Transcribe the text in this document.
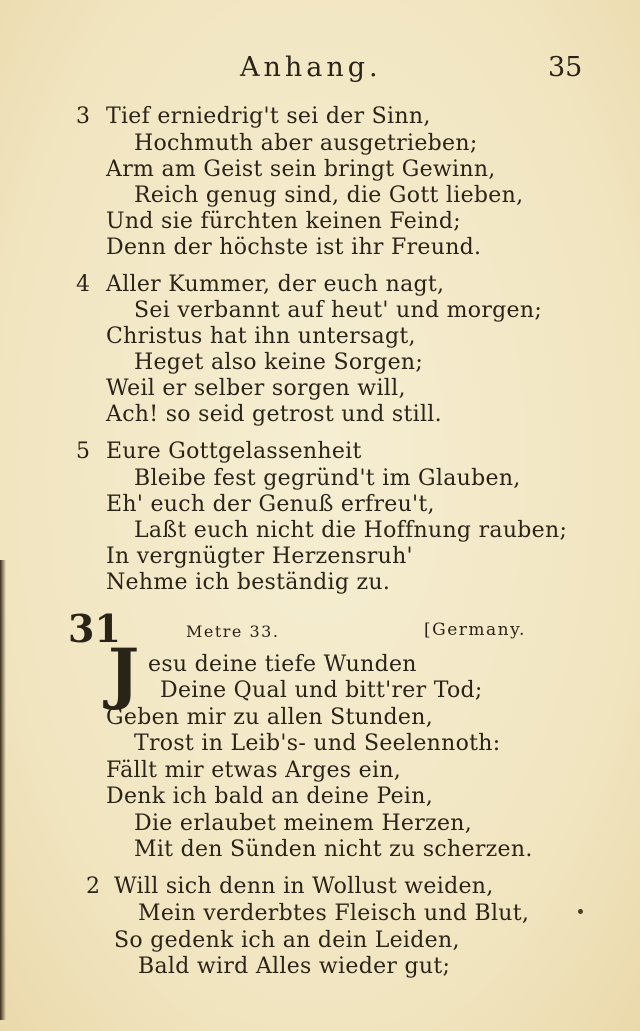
Anhang.	35
3 Tief erniedrig't sei der Sinn,
Hochmuth aber ausgetrieben;
Arm am Geist sein bringt Gewinn,
Reich genug sind, die Gott lieben,
Und sie fürchten keinen Feind;
Denn der höchste ist ihr Freund.
4 Aller Kummer, der euch nagt,
Sei verbannt auf heut' und morgen;
Christus hat ihn untersagt,
Heget also keine Sorgen;
Weil er selber sorgen will,
Ach! so seid getrost und still.
5 Eure Gottgelassenheit
Bleibe fest gegründ't im Glauben,
Eh' euch der Genuß erfreu't,
Laßt euch nicht die Hoffnung rauben;
In vergnügter Herzensruh'
Nehme ich beständig zu.
31	Metre 33.	[Germany.
J esu deine tiefe Wunden
Deine Qual und bitt'rer Tod;
Geben mir zu allen Stunden,
Trost in Leib's- und Seelennoth:
Fällt mir etwas Arges ein,
Denk ich bald an deine Pein,
Die erlaubet meinem Herzen,
Mit den Sünden nicht zu scherzen.
2 Will sich denn in Wollust weiden,
Mein verderbtes Fleisch und Blut,
So gedenk ich an dein Leiden,
Bald wird Alles wieder gut;
